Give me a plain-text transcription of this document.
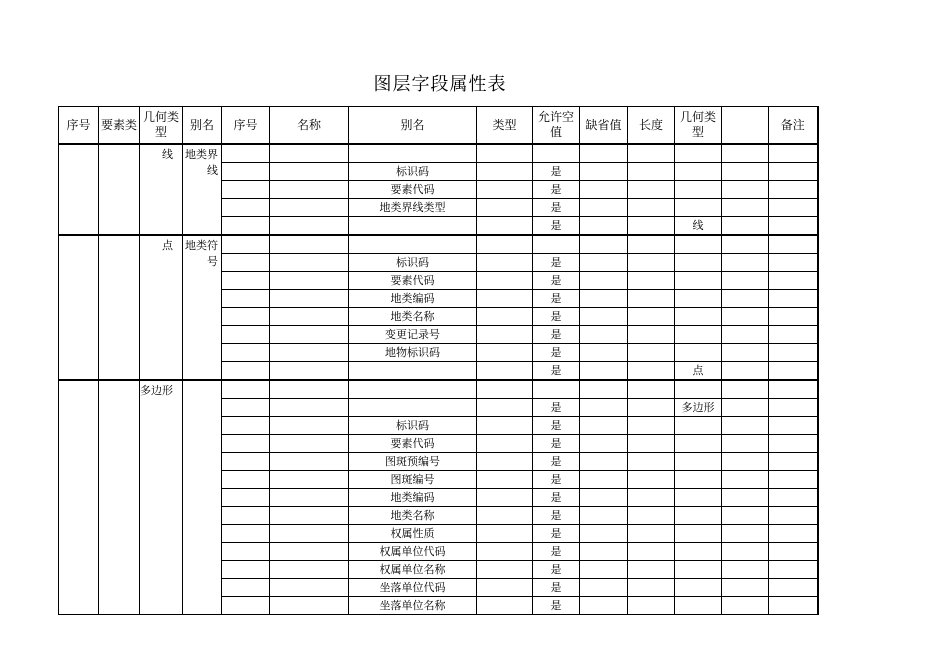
图层字段属性表
序号	要素类	几何类型	别名	序号	名称	别名	类型	允许空值	缺省值	长度	几何类型		备注
		线	地类界线										
						标识码		是					
						要素代码		是					
						地类界线类型		是					
								是			线		
		点	地类符号										
						标识码		是					
						要素代码		是					
						地类编码		是					
						地类名称		是					
						变更记录号		是					
						地物标识码		是					
								是			点		
		多边形											
								是			多边形		
						标识码		是					
						要素代码		是					
						图斑预编号		是					
						图斑编号		是					
						地类编码		是					
						地类名称		是					
						权属性质		是					
						权属单位代码		是					
						权属单位名称		是					
						坐落单位代码		是					
						坐落单位名称		是					
